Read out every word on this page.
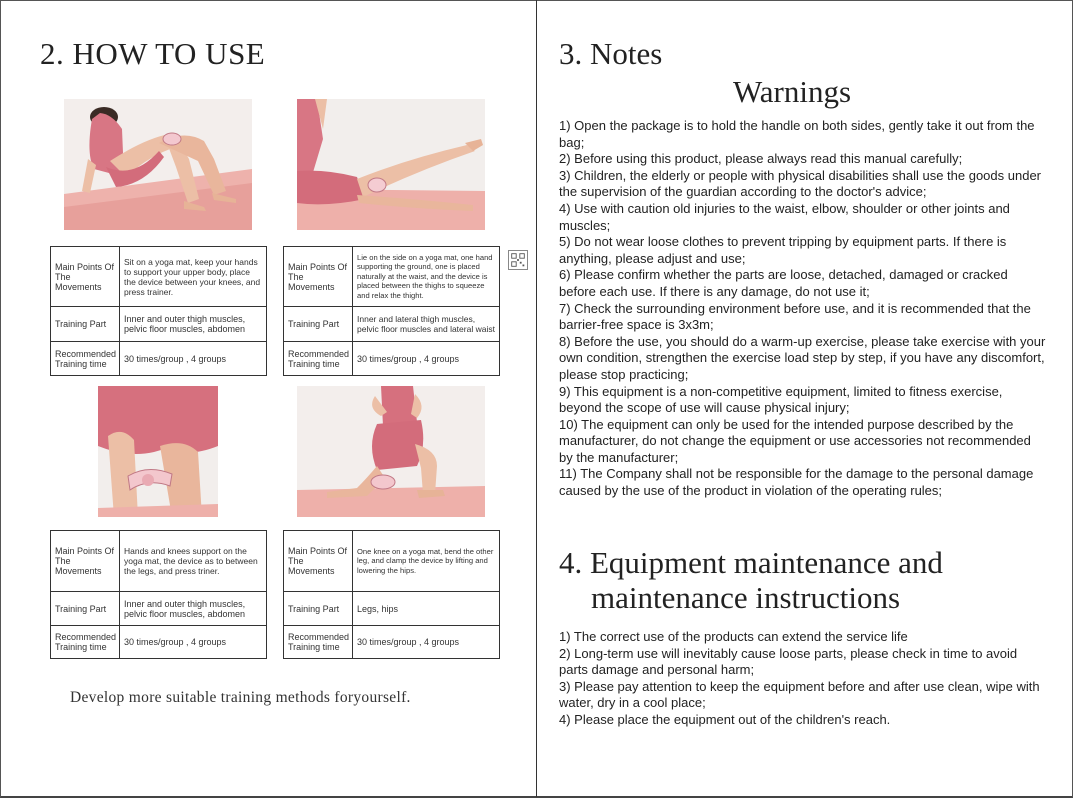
2. HOW TO USE
Main Points Of The Movements	Sit on a yoga mat, keep your hands to support your upper body, place the device between your knees, and press trainer.
Training Part	Inner and outer thigh muscles, pelvic floor muscles, abdomen
Recommended Training time	30 times/group , 4 groups
Main Points Of The Movements	Lie on the side on a yoga mat, one hand supporting the ground, one is placed naturally at the waist, and the device is placed between the thighs to squeeze and relax the thight.
Training Part	Inner and lateral thigh muscles, pelvic floor muscles and lateral waist
Recommended Training time	30 times/group , 4 groups
Main Points Of The Movements	Hands and knees support on the yoga mat, the device as to between the legs, and press triner.
Training Part	Inner and outer thigh muscles, pelvic floor muscles, abdomen
Recommended Training time	30 times/group , 4 groups
Main Points Of The Movements	One knee on a yoga mat, bend the other leg, and clamp the device by lifting and lowering the hips.
Training Part	Legs, hips
Recommended Training time	30 times/group , 4 groups
Develop more suitable training methods foryourself.
3. Notes
Warnings
1) Open the package is to hold the handle on both sides, gently take it out from the bag;
2) Before using this product, please always read this manual carefully;
3) Children, the elderly or people with physical disabilities shall use the goods under the supervision of the guardian according to the doctor's advice;
4) Use with caution old injuries to the waist, elbow, shoulder or other joints and muscles;
5) Do not wear loose clothes to prevent tripping by equipment parts. If there is anything, please adjust and use;
6) Please confirm whether the parts are loose, detached, damaged or cracked before each use. If there is any damage, do not use it;
7) Check the surrounding environment before use, and it is recommended that the barrier-free space is 3x3m;
8) Before the use, you should do a warm-up exercise, please take exercise with your own condition, strengthen the exercise load step by step, if you have any discomfort, please stop practicing;
9) This equipment is a non-competitive equipment, limited to fitness exercise, beyond the scope of use will cause physical injury;
10) The equipment can only be used for the intended purpose described by the manufacturer, do not change the equipment or use accessories not recommended by the manufacturer;
11) The Company shall not be responsible for the damage to the personal damage caused by the use of the product in violation of the operating rules;
4. Equipment maintenance and
maintenance instructions
1) The correct use of the products can extend the service life
2) Long-term use will inevitably cause loose parts, please check in time to avoid parts damage and personal harm;
3) Please pay attention to keep the equipment before and after use clean, wipe with water, dry in a cool place;
4) Please place the equipment out of the children's reach.
